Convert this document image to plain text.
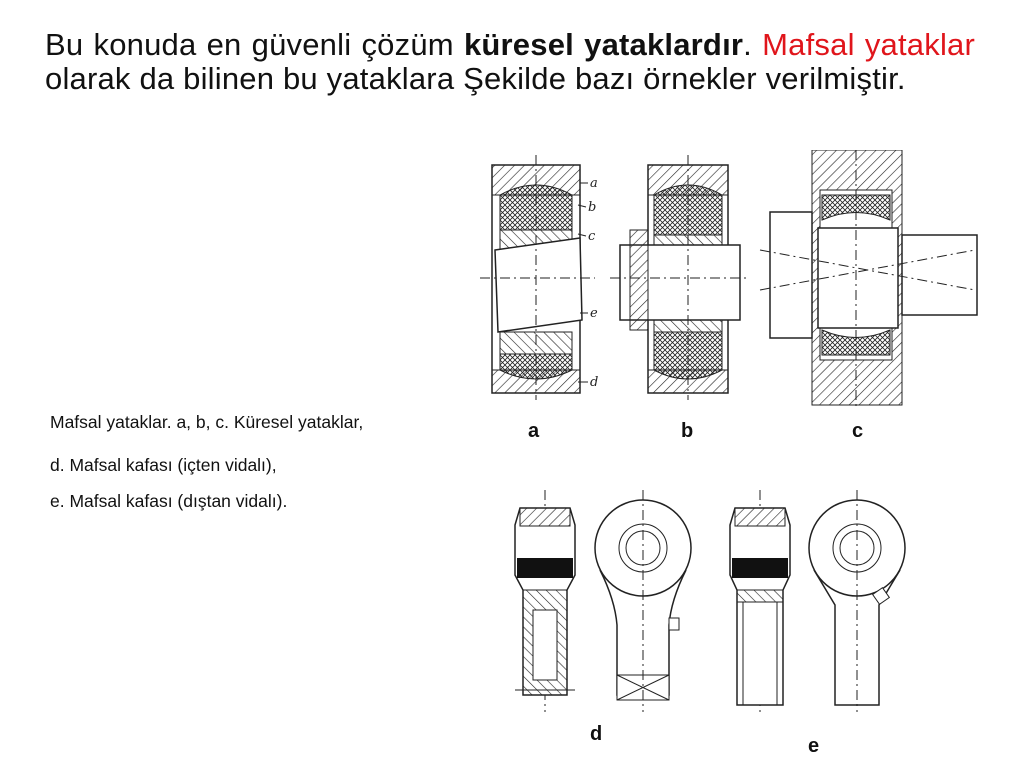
Bu konuda en güvenli çözüm küresel yataklardır. Mafsal yataklar olarak da bilinen bu yataklara Şekilde bazı örnekler verilmiştir.
Mafsal yataklar. a, b, c. Küresel yataklar,
d. Mafsal kafası (içten vidalı),
e. Mafsal kafası (dıştan vidalı).
a
b
c
d
e
a	b	c
d
e
